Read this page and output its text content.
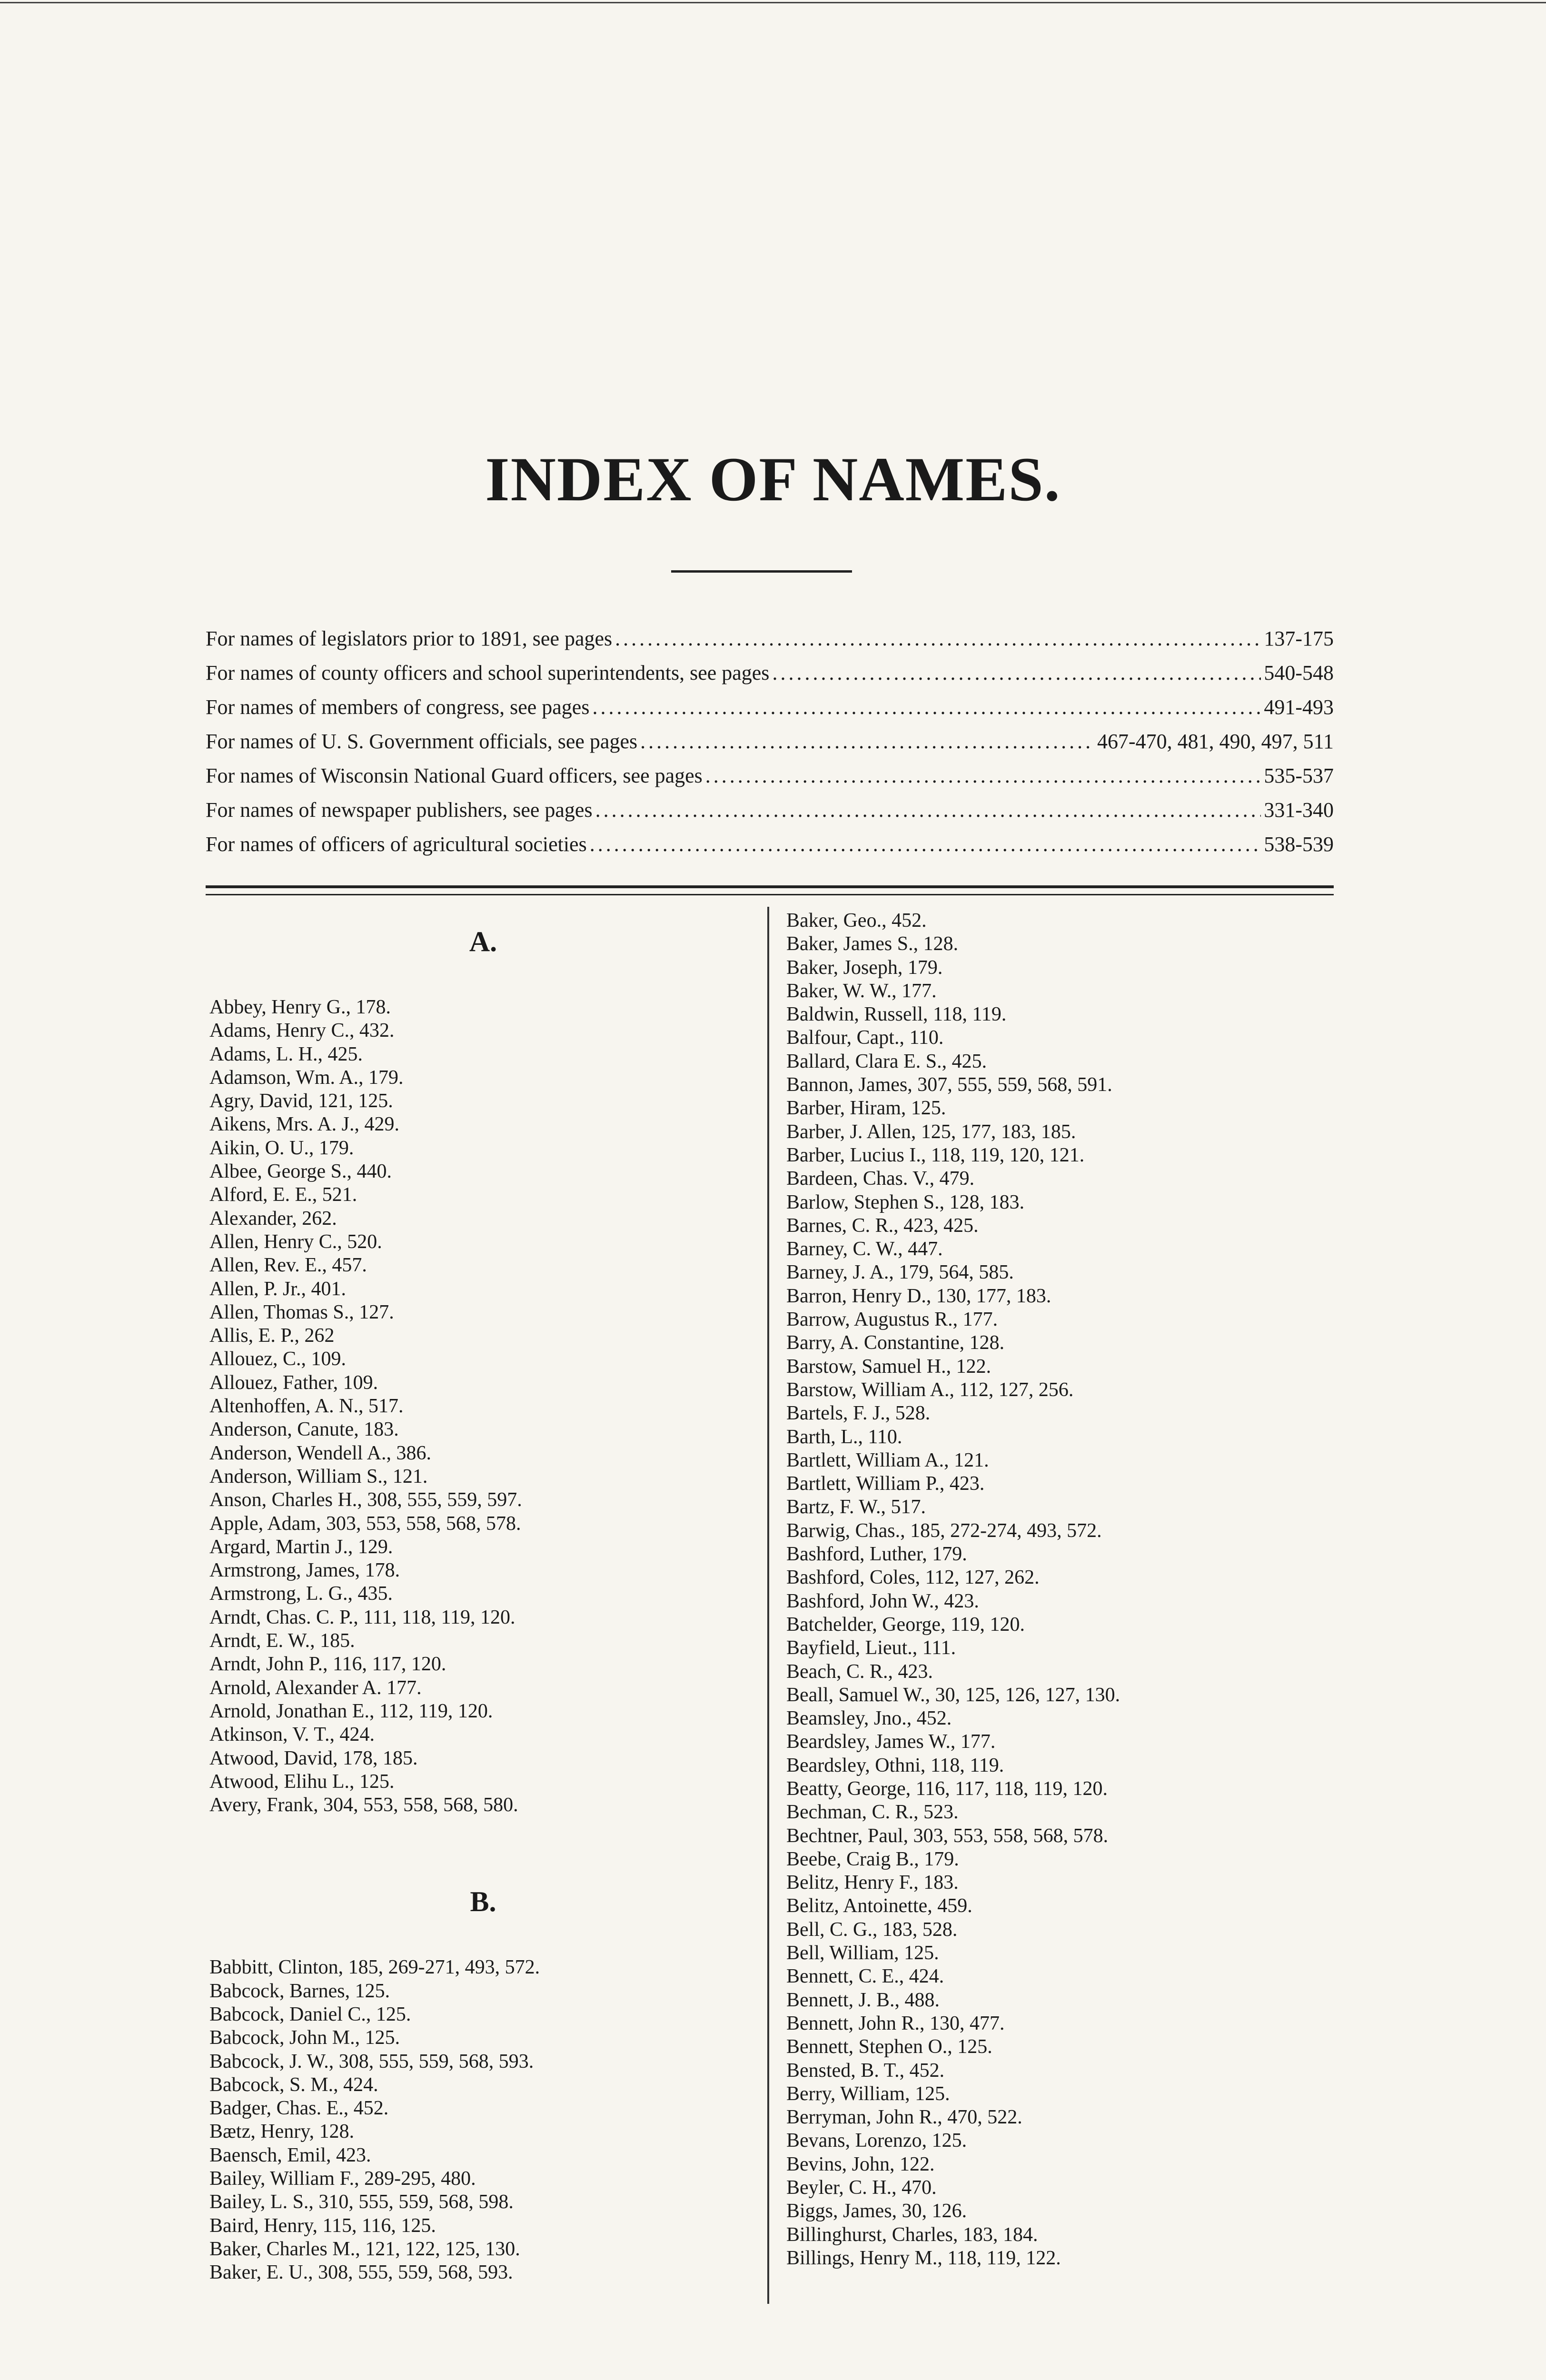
INDEX OF NAMES.
For names of legislators prior to 1891, see pages .....	137-175
For names of county officers and school superintendents, see pages .....	540-548
For names of members of congress, see pages .....	491-493
For names of U. S. Government officials, see pages .....	467-470, 481, 490, 497, 511
For names of Wisconsin National Guard officers, see pages .....	535-537
For names of newspaper publishers, see pages .....	331-340
For names of officers of agricultural societies .....	538-539
A.
Abbey, Henry G., 178.
Adams, Henry C., 432.
Adams, L. H., 425.
Adamson, Wm. A., 179.
Agry, David, 121, 125.
Aikens, Mrs. A. J., 429.
Aikin, O. U., 179.
Albee, George S., 440.
Alford, E. E., 521.
Alexander, 262.
Allen, Henry C., 520.
Allen, Rev. E., 457.
Allen, P. Jr., 401.
Allen, Thomas S., 127.
Allis, E. P., 262
Allouez, C., 109.
Allouez, Father, 109.
Altenhoffen, A. N., 517.
Anderson, Canute, 183.
Anderson, Wendell A., 386.
Anderson, William S., 121.
Anson, Charles H., 308, 555, 559, 597.
Apple, Adam, 303, 553, 558, 568, 578.
Argard, Martin J., 129.
Armstrong, James, 178.
Armstrong, L. G., 435.
Arndt, Chas. C. P., 111, 118, 119, 120.
Arndt, E. W., 185.
Arndt, John P., 116, 117, 120.
Arnold, Alexander A. 177.
Arnold, Jonathan E., 112, 119, 120.
Atkinson, V. T., 424.
Atwood, David, 178, 185.
Atwood, Elihu L., 125.
Avery, Frank, 304, 553, 558, 568, 580.
B.
Babbitt, Clinton, 185, 269-271, 493, 572.
Babcock, Barnes, 125.
Babcock, Daniel C., 125.
Babcock, John M., 125.
Babcock, J. W., 308, 555, 559, 568, 593.
Babcock, S. M., 424.
Badger, Chas. E., 452.
Bætz, Henry, 128.
Baensch, Emil, 423.
Bailey, William F., 289-295, 480.
Bailey, L. S., 310, 555, 559, 568, 598.
Baird, Henry, 115, 116, 125.
Baker, Charles M., 121, 122, 125, 130.
Baker, E. U., 308, 555, 559, 568, 593.
Baker, Geo., 452.
Baker, James S., 128.
Baker, Joseph, 179.
Baker, W. W., 177.
Baldwin, Russell, 118, 119.
Balfour, Capt., 110.
Ballard, Clara E. S., 425.
Bannon, James, 307, 555, 559, 568, 591.
Barber, Hiram, 125.
Barber, J. Allen, 125, 177, 183, 185.
Barber, Lucius I., 118, 119, 120, 121.
Bardeen, Chas. V., 479.
Barlow, Stephen S., 128, 183.
Barnes, C. R., 423, 425.
Barney, C. W., 447.
Barney, J. A., 179, 564, 585.
Barron, Henry D., 130, 177, 183.
Barrow, Augustus R., 177.
Barry, A. Constantine, 128.
Barstow, Samuel H., 122.
Barstow, William A., 112, 127, 256.
Bartels, F. J., 528.
Barth, L., 110.
Bartlett, William A., 121.
Bartlett, William P., 423.
Bartz, F. W., 517.
Barwig, Chas., 185, 272-274, 493, 572.
Bashford, Luther, 179.
Bashford, Coles, 112, 127, 262.
Bashford, John W., 423.
Batchelder, George, 119, 120.
Bayfield, Lieut., 111.
Beach, C. R., 423.
Beall, Samuel W., 30, 125, 126, 127, 130.
Beamsley, Jno., 452.
Beardsley, James W., 177.
Beardsley, Othni, 118, 119.
Beatty, George, 116, 117, 118, 119, 120.
Bechman, C. R., 523.
Bechtner, Paul, 303, 553, 558, 568, 578.
Beebe, Craig B., 179.
Belitz, Henry F., 183.
Belitz, Antoinette, 459.
Bell, C. G., 183, 528.
Bell, William, 125.
Bennett, C. E., 424.
Bennett, J. B., 488.
Bennett, John R., 130, 477.
Bennett, Stephen O., 125.
Bensted, B. T., 452.
Berry, William, 125.
Berryman, John R., 470, 522.
Bevans, Lorenzo, 125.
Bevins, John, 122.
Beyler, C. H., 470.
Biggs, James, 30, 126.
Billinghurst, Charles, 183, 184.
Billings, Henry M., 118, 119, 122.
